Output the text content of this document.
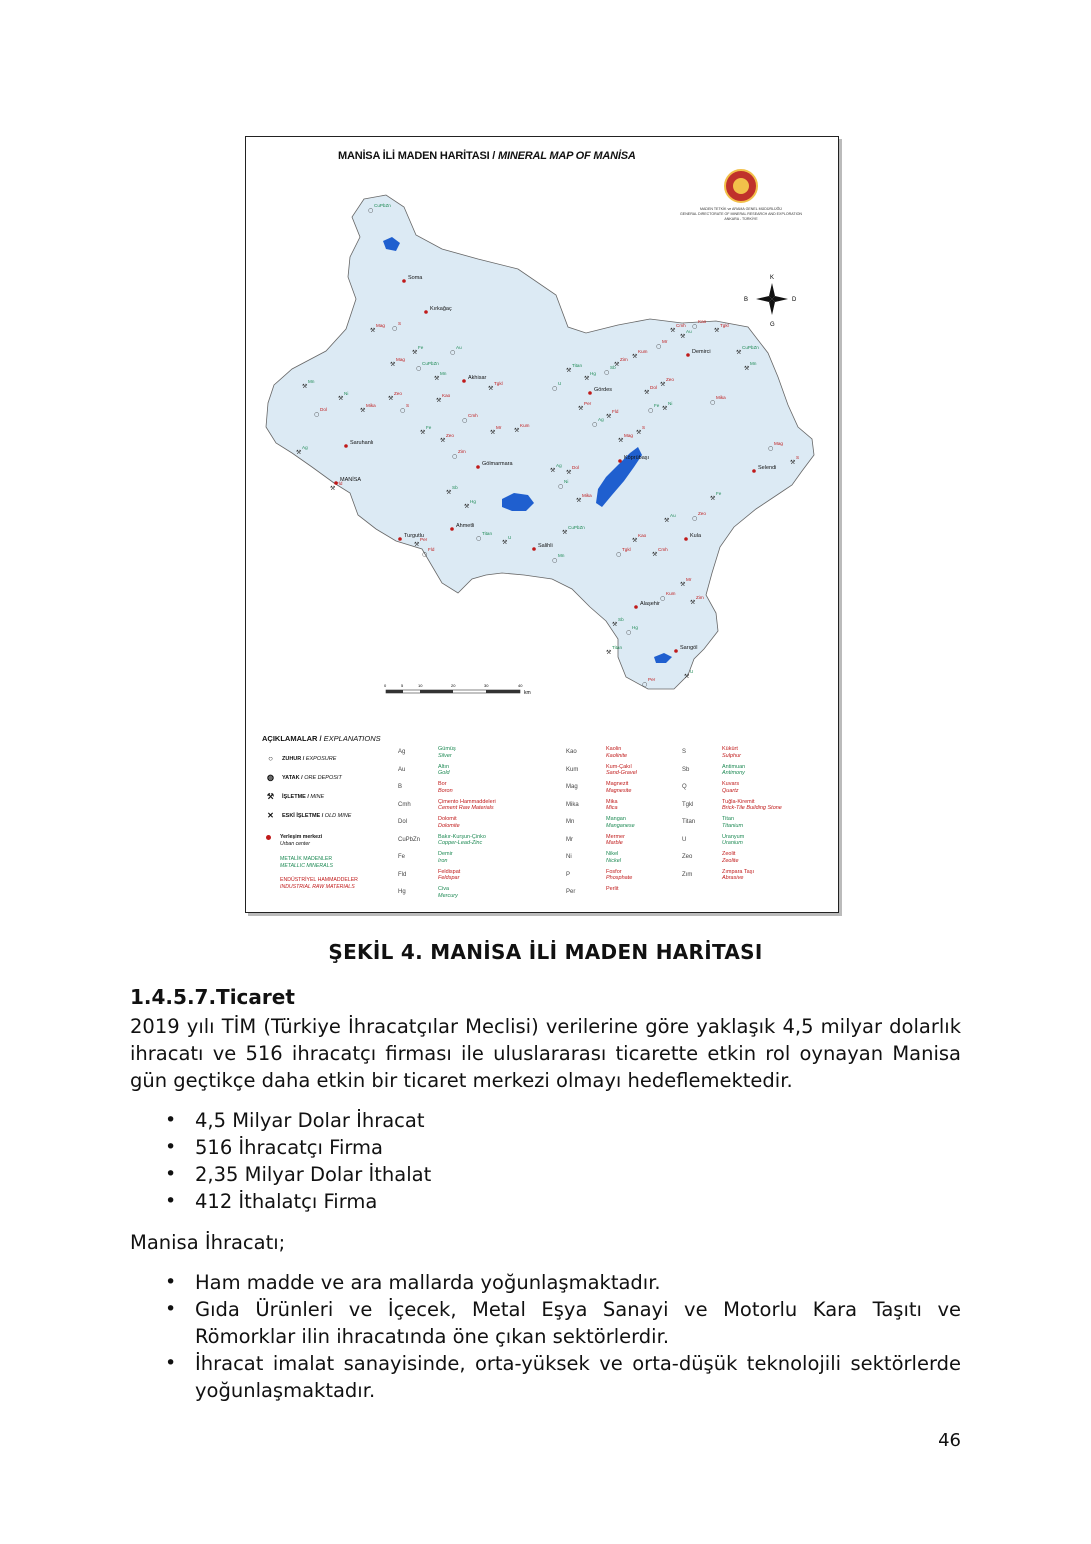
MANİSA İLİ MADEN HARİTASI / MINERAL MAP OF MANİSA
K
G
D
B
0	5	10	20	30	40
km
Soma
Kırkağaç
Akhisar
Gördes
Demirci
Saruhanlı
Gölmarmara
Köprübaşı
Selendi
MANİSA
Ahmetli
Salihli
Turgutlu	Kula
Alaşehir
Sarıgöl
CuPbZn
○
Mn
⚒
Mag
⚒
S
○
Fe
⚒
Zeo
⚒
Au
○
Kao
⚒
Tgkl
⚒
Cmh
○
Mr
⚒
Kum
⚒
Zim
○
Sb
⚒
Hg
⚒
Titan
○	U
⚒
Per
⚒
Fld
○
Ag
⚒	Dol
⚒
Ni
○
Mika
⚒
CuPbZn
⚒
Mn
○
Mag
⚒
S
⚒
Fe
○
Zeo
⚒
Au
⚒
Kao
○	Tgkl
⚒
Cmh
⚒
Mr
○
Kum
⚒
Zim
⚒
Sb
○
Hg
⚒
Titan
⚒
U
○
Per
⚒	Fld
⚒
Ag
○
Dol
⚒
Ni
⚒
Mika
○
CuPbZn
⚒
Mn
⚒
Mag
○
S
⚒
Fe
⚒
Zeo
○
Au
⚒
Kao
⚒
Tgkl
○
Cmh
⚒
Mr
⚒
Kum
○	Zim
⚒
Sb
⚒	Hg
○
Titan
⚒
U
⚒
Per
○
Fld
⚒
Ag
⚒
Dol
○
Ni
⚒
Mika
⚒
CuPbZn
○
Mn
⚒
Mag
⚒
S
○
Fe
⚒	Zeo
⚒
MADEN TETKİK ve ARAMA GENEL MÜDÜRLÜĞÜ
GENERAL DIRECTORATE OF MINERAL RESEARCH AND EXPLORATION
ANKARA - TÜRKİYE
AÇIKLAMALAR / EXPLANATIONS
○	ZUHUR / EXPOSURE
◍ YATAK / ORE DEPOSIT
⚒ İŞLETME / MINE
✕ ESKİ İŞLETME / OLD MINE
Yerleşim merkezi
Urban center
METALİK MADENLER
METALLIC MINERALS
ENDÜSTRİYEL HAMMADDELER
INDUSTRIAL RAW MATERIALS
Ag	Gümüş
Silver
Au	Altın
Gold
B	Bor
Boron
Cmh	Çimento Hammaddeleri
Cement Raw Materials
Dol	Dolomit
Dolomite
CuPbZn	Bakır-Kurşun-Çinko
Copper-Lead-Zinc
Fe	Demir
Iron
Fld	Feldispat
Feldspar
Hg	Civa
Mercury
Kao	Kaolin
Kaolinite
Kum	Kum-Çakıl
Sand-Gravel
Mag	Magnezit
Magnesite
Mika	Mika
Mica
Mn	Mangan
Manganese
Mr	Mermer
Marble
Ni	Nikel
Nickel
P	Fosfor
Phosphate
Per	Perlit
S	Kükürt
Sulphur
Sb	Antimuan
Antimony
Q	Kuvars
Quartz
Tgkl	Tuğla-Kiremit
Brick-Tile Building Stone
Titan	Titan
Titanium
U	Uranyum
Uranium
Zeo	Zeolit
Zeolite
Zım	Zımpara Taşı
Abrasive
ŞEKİL 4. MANİSA İLİ MADEN HARİTASI
1.4.5.7.Ticaret
2019 yılı TİM (Türkiye İhracatçılar Meclisi) verilerine göre yaklaşık 4,5 milyar dolarlık ihracatı ve 516 ihracatçı firması ile uluslararası ticarette etkin rol oynayan Manisa gün geçtikçe daha etkin bir ticaret merkezi olmayı hedeflemektedir.
• 4,5 Milyar Dolar İhracat
• 516 İhracatçı Firma
• 2,35 Milyar Dolar İthalat
• 412 İthalatçı Firma
Manisa İhracatı;
• Ham madde ve ara mallarda yoğunlaşmaktadır.
• Gıda Ürünleri ve İçecek, Metal Eşya Sanayi ve Motorlu Kara Taşıtı ve Römorklar ilin ihracatında öne çıkan sektörlerdir.
• İhracat imalat sanayisinde, orta-yüksek ve orta-düşük teknolojili sektörlerde yoğunlaşmaktadır.
46
